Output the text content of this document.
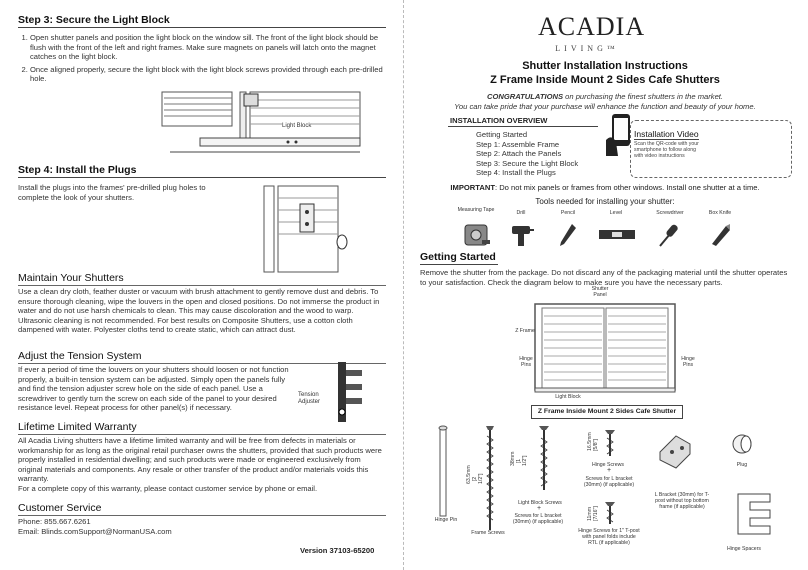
Step 3: Secure the Light Block
1. Open shutter panels and position the light block on the window sill. The front of the light block should be flush with the front of the left and right frames. Make sure magnets on panels will latch onto the magnet catches on the light block.
2. Once aligned properly, secure the light block with the light block screws provided through each pre-drilled hole.
Light Block
Step 4: Install the Plugs
Install the plugs into the frames' pre-drilled plug holes to complete the look of your shutters.
Maintain Your Shutters
Use a clean dry cloth, feather duster or vacuum with brush attachment to gently remove dust and debris. To ensure thorough cleaning, wipe the louvers in the open and closed positions. Do not immerse the product in water and do not use harsh chemicals to clean. This may cause discoloration and the wood to warp. Ultrasonic cleaning is not recommended. For best results on Composite Shutters, use a cotton cloth dampened with water. Polyester cloths tend to create static, which can attract dust.
Adjust the Tension System
If ever a period of time the louvers on your shutters should loosen or not function properly, a built-in tension system can be adjusted. Simply open the panels fully and find the tension adjuster screw hole on the side of each panel. Use a screwdriver to gently turn the screw on each side of the panel to your desired resistance level. Repeat process for other panel(s) if necessary.
Tension Adjuster
Lifetime Limited Warranty
All Acadia Living shutters have a lifetime limited warranty and will be free from defects in materials or workmanship for as long as the original retail purchaser owns the shutters, provided that such products were properly installed in residential dwelling; and such products were made or engineered exclusively from original materials and components. Any resale or other transfer of the product and/or materials voids this warranty.
For a complete copy of this warranty, please contact customer service by phone or email.
Customer Service
Phone: 855.667.6261
Email: Blinds.comSupport@NormanUSA.com
Version 37103-65200
ACADIA
LIVING™
Shutter Installation Instructions
Z Frame Inside Mount 2 Sides Cafe Shutters
CONGRATULATIONS on purchasing the finest shutters in the market.
You can take pride that your purchase will enhance the function and beauty of your home.
INSTALLATION OVERVIEW
Getting Started
Step 1: Assemble Frame
Step 2: Attach the Panels
Step 3: Secure the Light Block
Step 4: Install the Plugs
Installation Video
Scan the QR-code with your smartphone to follow along with video instructions
IMPORTANT: Do not mix panels or frames from other windows. Install one shutter at a time.
Tools needed for installing your shutter:
Measuring Tape	Drill	Pencil	Level	Screwdriver	Box Knife
Getting Started
Remove the shutter from the package. Do not discard any of the packaging material until the shutter operates to your satisfaction. Check the diagram below to make sure you have the necessary parts.
Shutter Panel
Z Frame
Hinge Pins
Hinge Pins
Light Block
Z Frame Inside Mount 2 Sides Cafe Shutter
Hinge Pin
63.5mm [2 1/2"]
Frame Screws
38mm [1 1/2"]
Light Block Screws
+
Screws for L bracket (30mm) (if applicable)
16.5mm [5/8"]
Hinge Screws
+
Screws for L bracket (30mm) (if applicable)
11mm [7/16"]
Hinge Screws for 1" T-post with panel folds include RTL (if applicable)
L Bracket (30mm) for T-post without top bottom frame (if applicable)
Plug
Hinge Spacers
